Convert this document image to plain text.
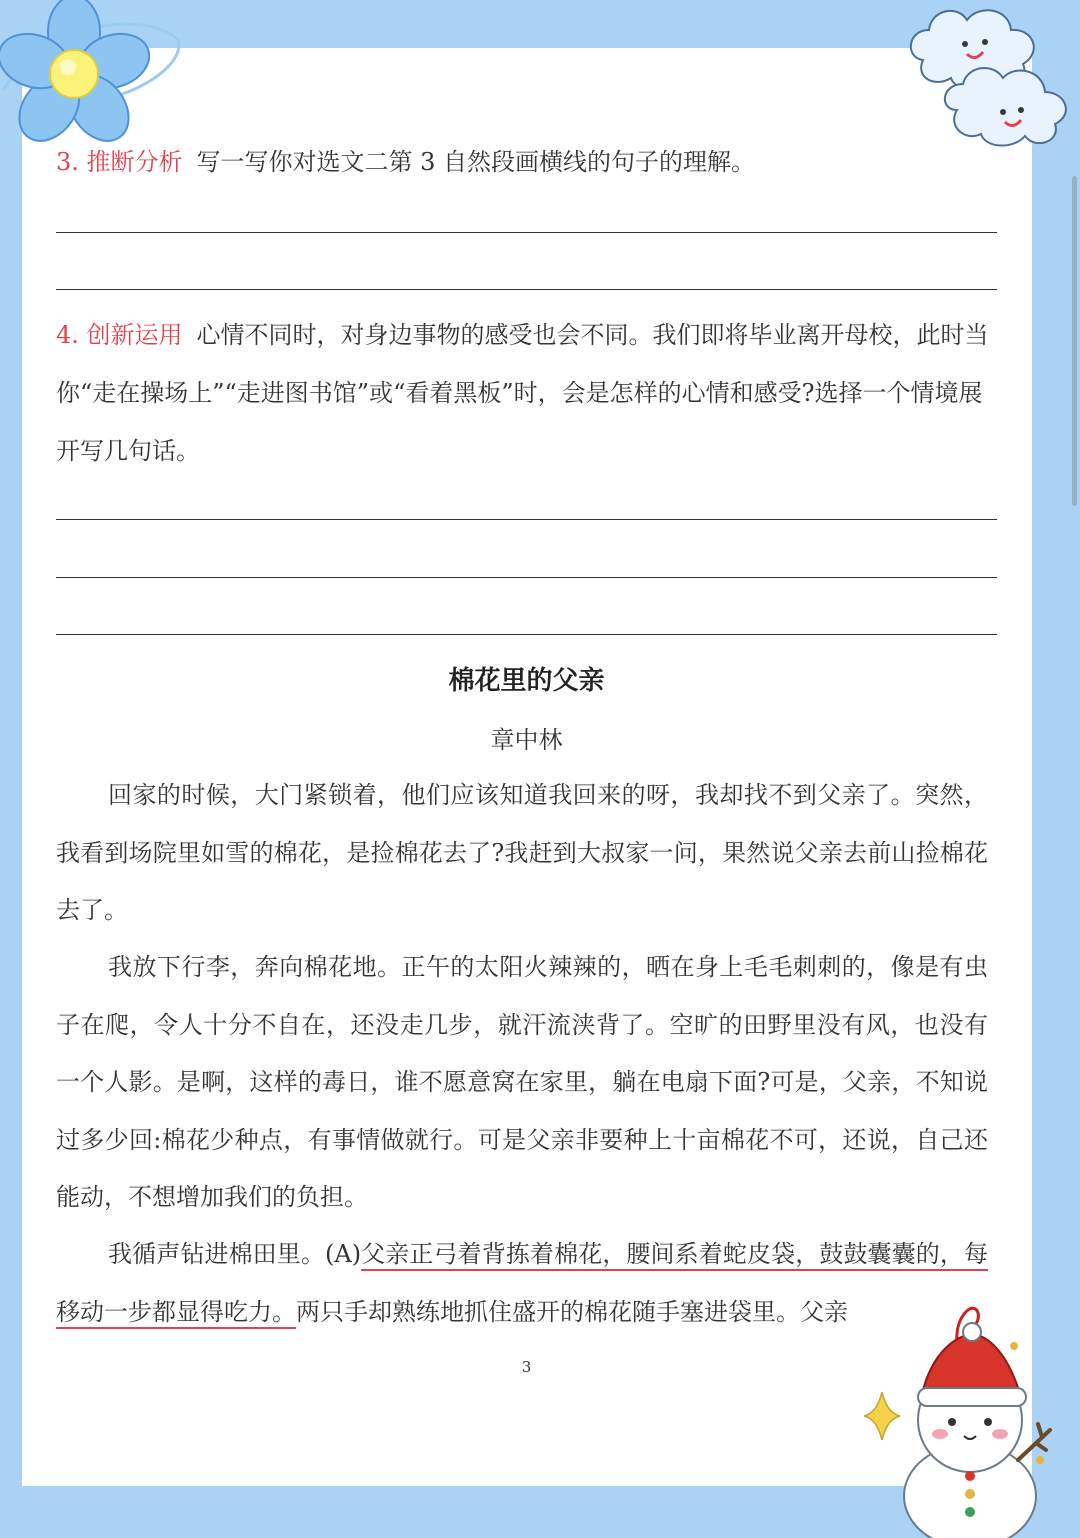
3. 推断分析 写一写你对选文二第 3 自然段画横线的句子的理解。
4. 创新运用 心情不同时，对身边事物的感受也会不同。我们即将毕业离开母校，此时当你“走在操场上”“走进图书馆”或“看着黑板”时，会是怎样的心情和感受?选择一个情境展开写几句话。
棉花里的父亲
章中林

回家的时候，大门紧锁着，他们应该知道我回来的呀，我却找不到父亲了。突然，我看到场院里如雪的棉花，是捡棉花去了?我赶到大叔家一问，果然说父亲去前山捡棉花去了。

我放下行李，奔向棉花地。正午的太阳火辣辣的，晒在身上毛毛刺刺的，像是有虫子在爬，令人十分不自在，还没走几步，就汗流浃背了。空旷的田野里没有风，也没有一个人影。是啊，这样的毒日，谁不愿意窝在家里，躺在电扇下面?可是，父亲，不知说过多少回:棉花少种点，有事情做就行。可是父亲非要种上十亩棉花不可，还说，自己还能动，不想增加我们的负担。

我循声钻进棉田里。(A)父亲正弓着背拣着棉花，腰间系着蛇皮袋，鼓鼓囊囊的，每移动一步都显得吃力。两只手却熟练地抓住盛开的棉花随手塞进袋里。父亲

3
